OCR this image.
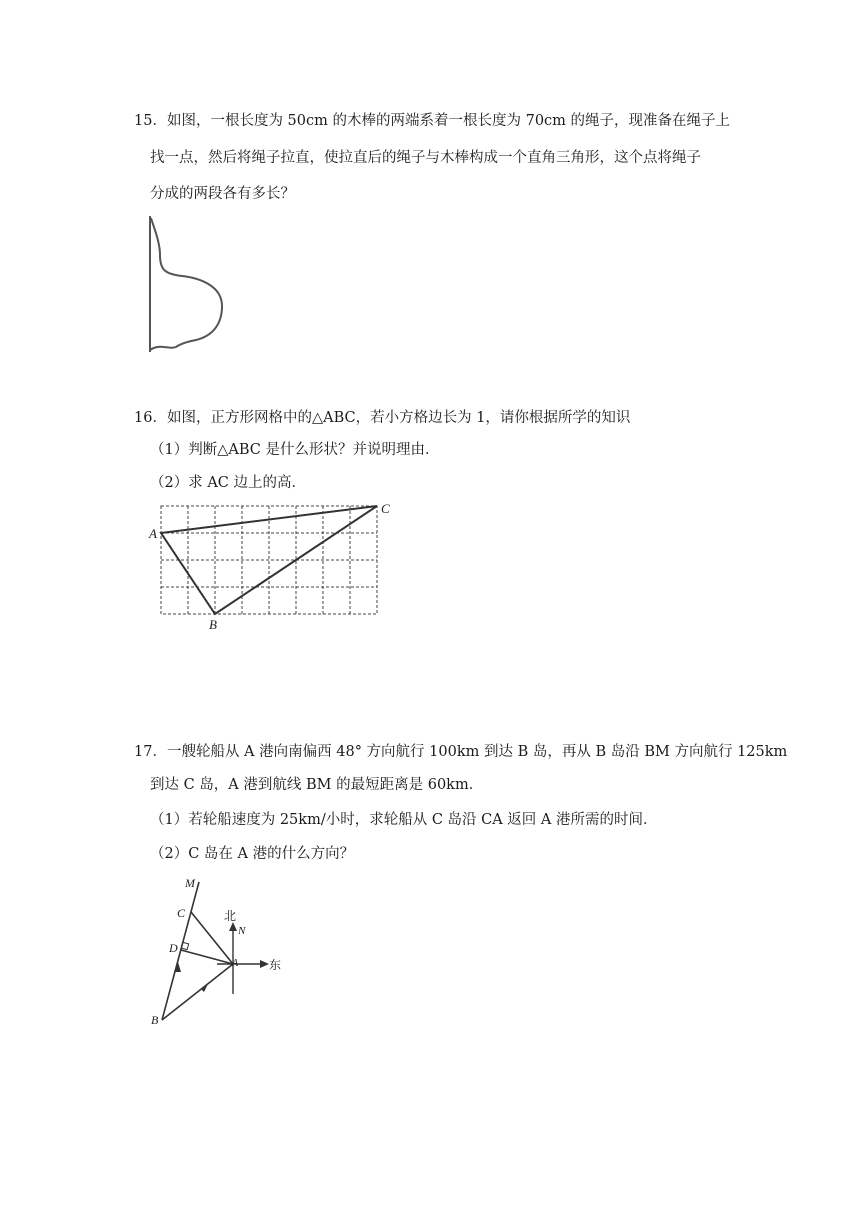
15．如图，一根长度为 50cm 的木棒的两端系着一根长度为 70cm 的绳子，现准备在绳子上
找一点，然后将绳子拉直，使拉直后的绳子与木棒构成一个直角三角形，这个点将绳子
分成的两段各有多长？
16．如图，正方形网格中的△ABC，若小方格边长为 1，请你根据所学的知识
（1）判断△ABC 是什么形状？并说明理由．
（2）求 AC 边上的高．
A
C
B
17．一艘轮船从 A 港向南偏西 48° 方向航行 100km 到达 B 岛，再从 B 岛沿 BM 方向航行 125km
到达 C 岛，A 港到航线 BM 的最短距离是 60km．
（1）若轮船速度为 25km/小时，求轮船从 C 岛沿 CA 返回 A 港所需的时间．
（2）C 岛在 A 港的什么方向？
M
C
D
A
B
N
北
东
